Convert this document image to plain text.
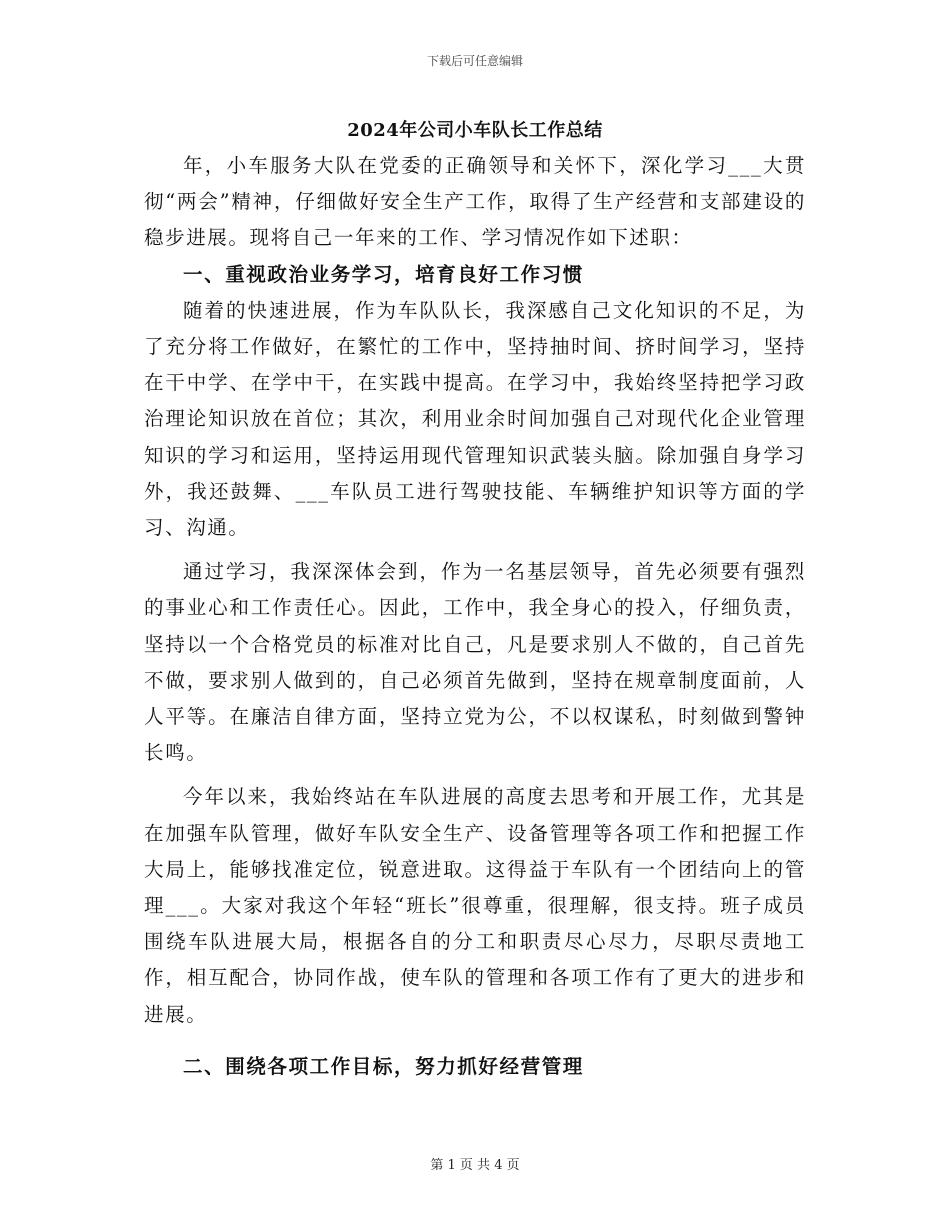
下载后可任意编辑
2024年公司小车队长工作总结

年，小车服务大队在党委的正确领导和关怀下，深化学习___大贯彻“两会”精神，仔细做好安全生产工作，取得了生产经营和支部建设的稳步进展。现将自己一年来的工作、学习情况作如下述职：

一、重视政治业务学习，培育良好工作习惯

随着的快速进展，作为车队队长，我深感自己文化知识的不足，为了充分将工作做好，在繁忙的工作中，坚持抽时间、挤时间学习，坚持在干中学、在学中干，在实践中提高。在学习中，我始终坚持把学习政治理论知识放在首位；其次，利用业余时间加强自己对现代化企业管理知识的学习和运用，坚持运用现代管理知识武装头脑。除加强自身学习外，我还鼓舞、___车队员工进行驾驶技能、车辆维护知识等方面的学习、沟通。

通过学习，我深深体会到，作为一名基层领导，首先必须要有强烈的事业心和工作责任心。因此，工作中，我全身心的投入，仔细负责，坚持以一个合格党员的标准对比自己，凡是要求别人不做的，自己首先不做，要求别人做到的，自己必须首先做到，坚持在规章制度面前，人人平等。在廉洁自律方面，坚持立党为公，不以权谋私，时刻做到警钟长鸣。

今年以来，我始终站在车队进展的高度去思考和开展工作，尤其是在加强车队管理，做好车队安全生产、设备管理等各项工作和把握工作大局上，能够找准定位，锐意进取。这得益于车队有一个团结向上的管理___。大家对我这个年轻“班长”很尊重，很理解，很支持。班子成员围绕车队进展大局，根据各自的分工和职责尽心尽力，尽职尽责地工作，相互配合，协同作战，使车队的管理和各项工作有了更大的进步和进展。

二、围绕各项工作目标，努力抓好经营管理
第 1 页 共 4 页
